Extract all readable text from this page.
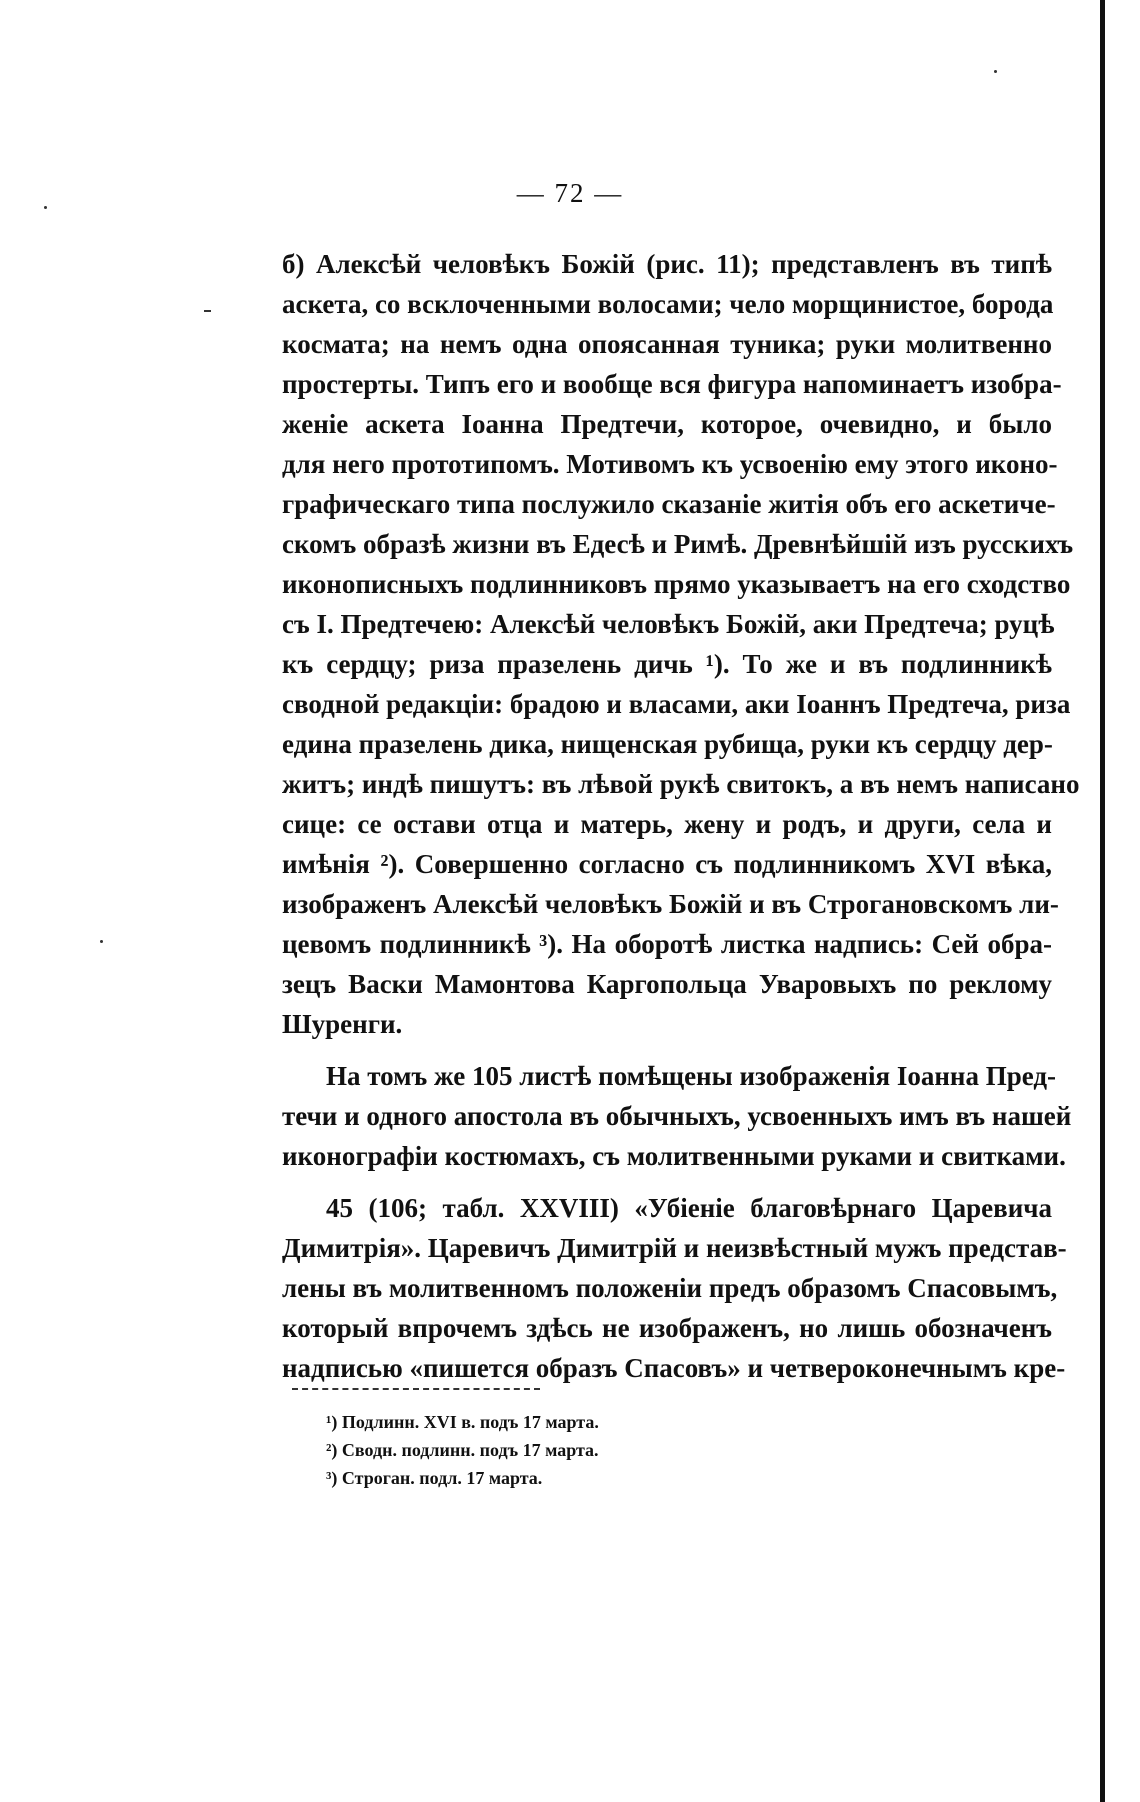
— 72 —
б) Алексѣй человѣкъ Божій (рис. 11); представленъ въ типѣ
аскета, со всклоченными волосами; чело морщинистое, борода
космата; на немъ одна опоясанная туника; руки молитвенно
простерты. Типъ его и вообще вся фигура напоминаетъ изобра-
женіе аскета Іоанна Предтечи, которое, очевидно, и было
для него прототипомъ. Мотивомъ къ усвоенію ему этого иконо-
графическаго типа послужило сказаніе житія объ его аскетиче-
скомъ образѣ жизни въ Едесѣ и Римѣ. Древнѣйшій изъ русскихъ
иконописныхъ подлинниковъ прямо указываетъ на его сходство
съ І. Предтечею: Алексѣй человѣкъ Божій, аки Предтеча; руцѣ
къ сердцу; риза празелень дичь ¹). То же и въ подлинникѣ
сводной редакціи: брадою и власами, аки Іоаннъ Предтеча, риза
едина празелень дика, нищенская рубища, руки къ сердцу дер-
житъ; индѣ пишутъ: въ лѣвой рукѣ свитокъ, а въ немъ написано
сице: се остави отца и матерь, жену и родъ, и други, села и
имѣнія ²). Совершенно согласно съ подлинникомъ XVI вѣка,
изображенъ Алексѣй человѣкъ Божій и въ Строгановскомъ ли-
цевомъ подлинникѣ ³). На оборотѣ листка надпись: Сей обра-
зецъ Васки Мамонтова Каргопольца Уваровыхъ по реклому
Шуренги.
На томъ же 105 листѣ помѣщены изображенія Іоанна Пред-
течи и одного апостола въ обычныхъ, усвоенныхъ имъ въ нашей
иконографіи костюмахъ, съ молитвенными руками и свитками.
45 (106; табл. XXVIII) «Убіеніе благовѣрнаго Царевича
Димитрія». Царевичъ Димитрій и неизвѣстный мужъ представ-
лены въ молитвенномъ положеніи предъ образомъ Спасовымъ,
который впрочемъ здѣсь не изображенъ, но лишь обозначенъ
надписью «пишется образъ Спасовъ» и четвероконечнымъ кре-
¹) Подлинн. XVI в. подъ 17 марта.
²) Сводн. подлинн. подъ 17 марта.
³) Строган. подл. 17 марта.
